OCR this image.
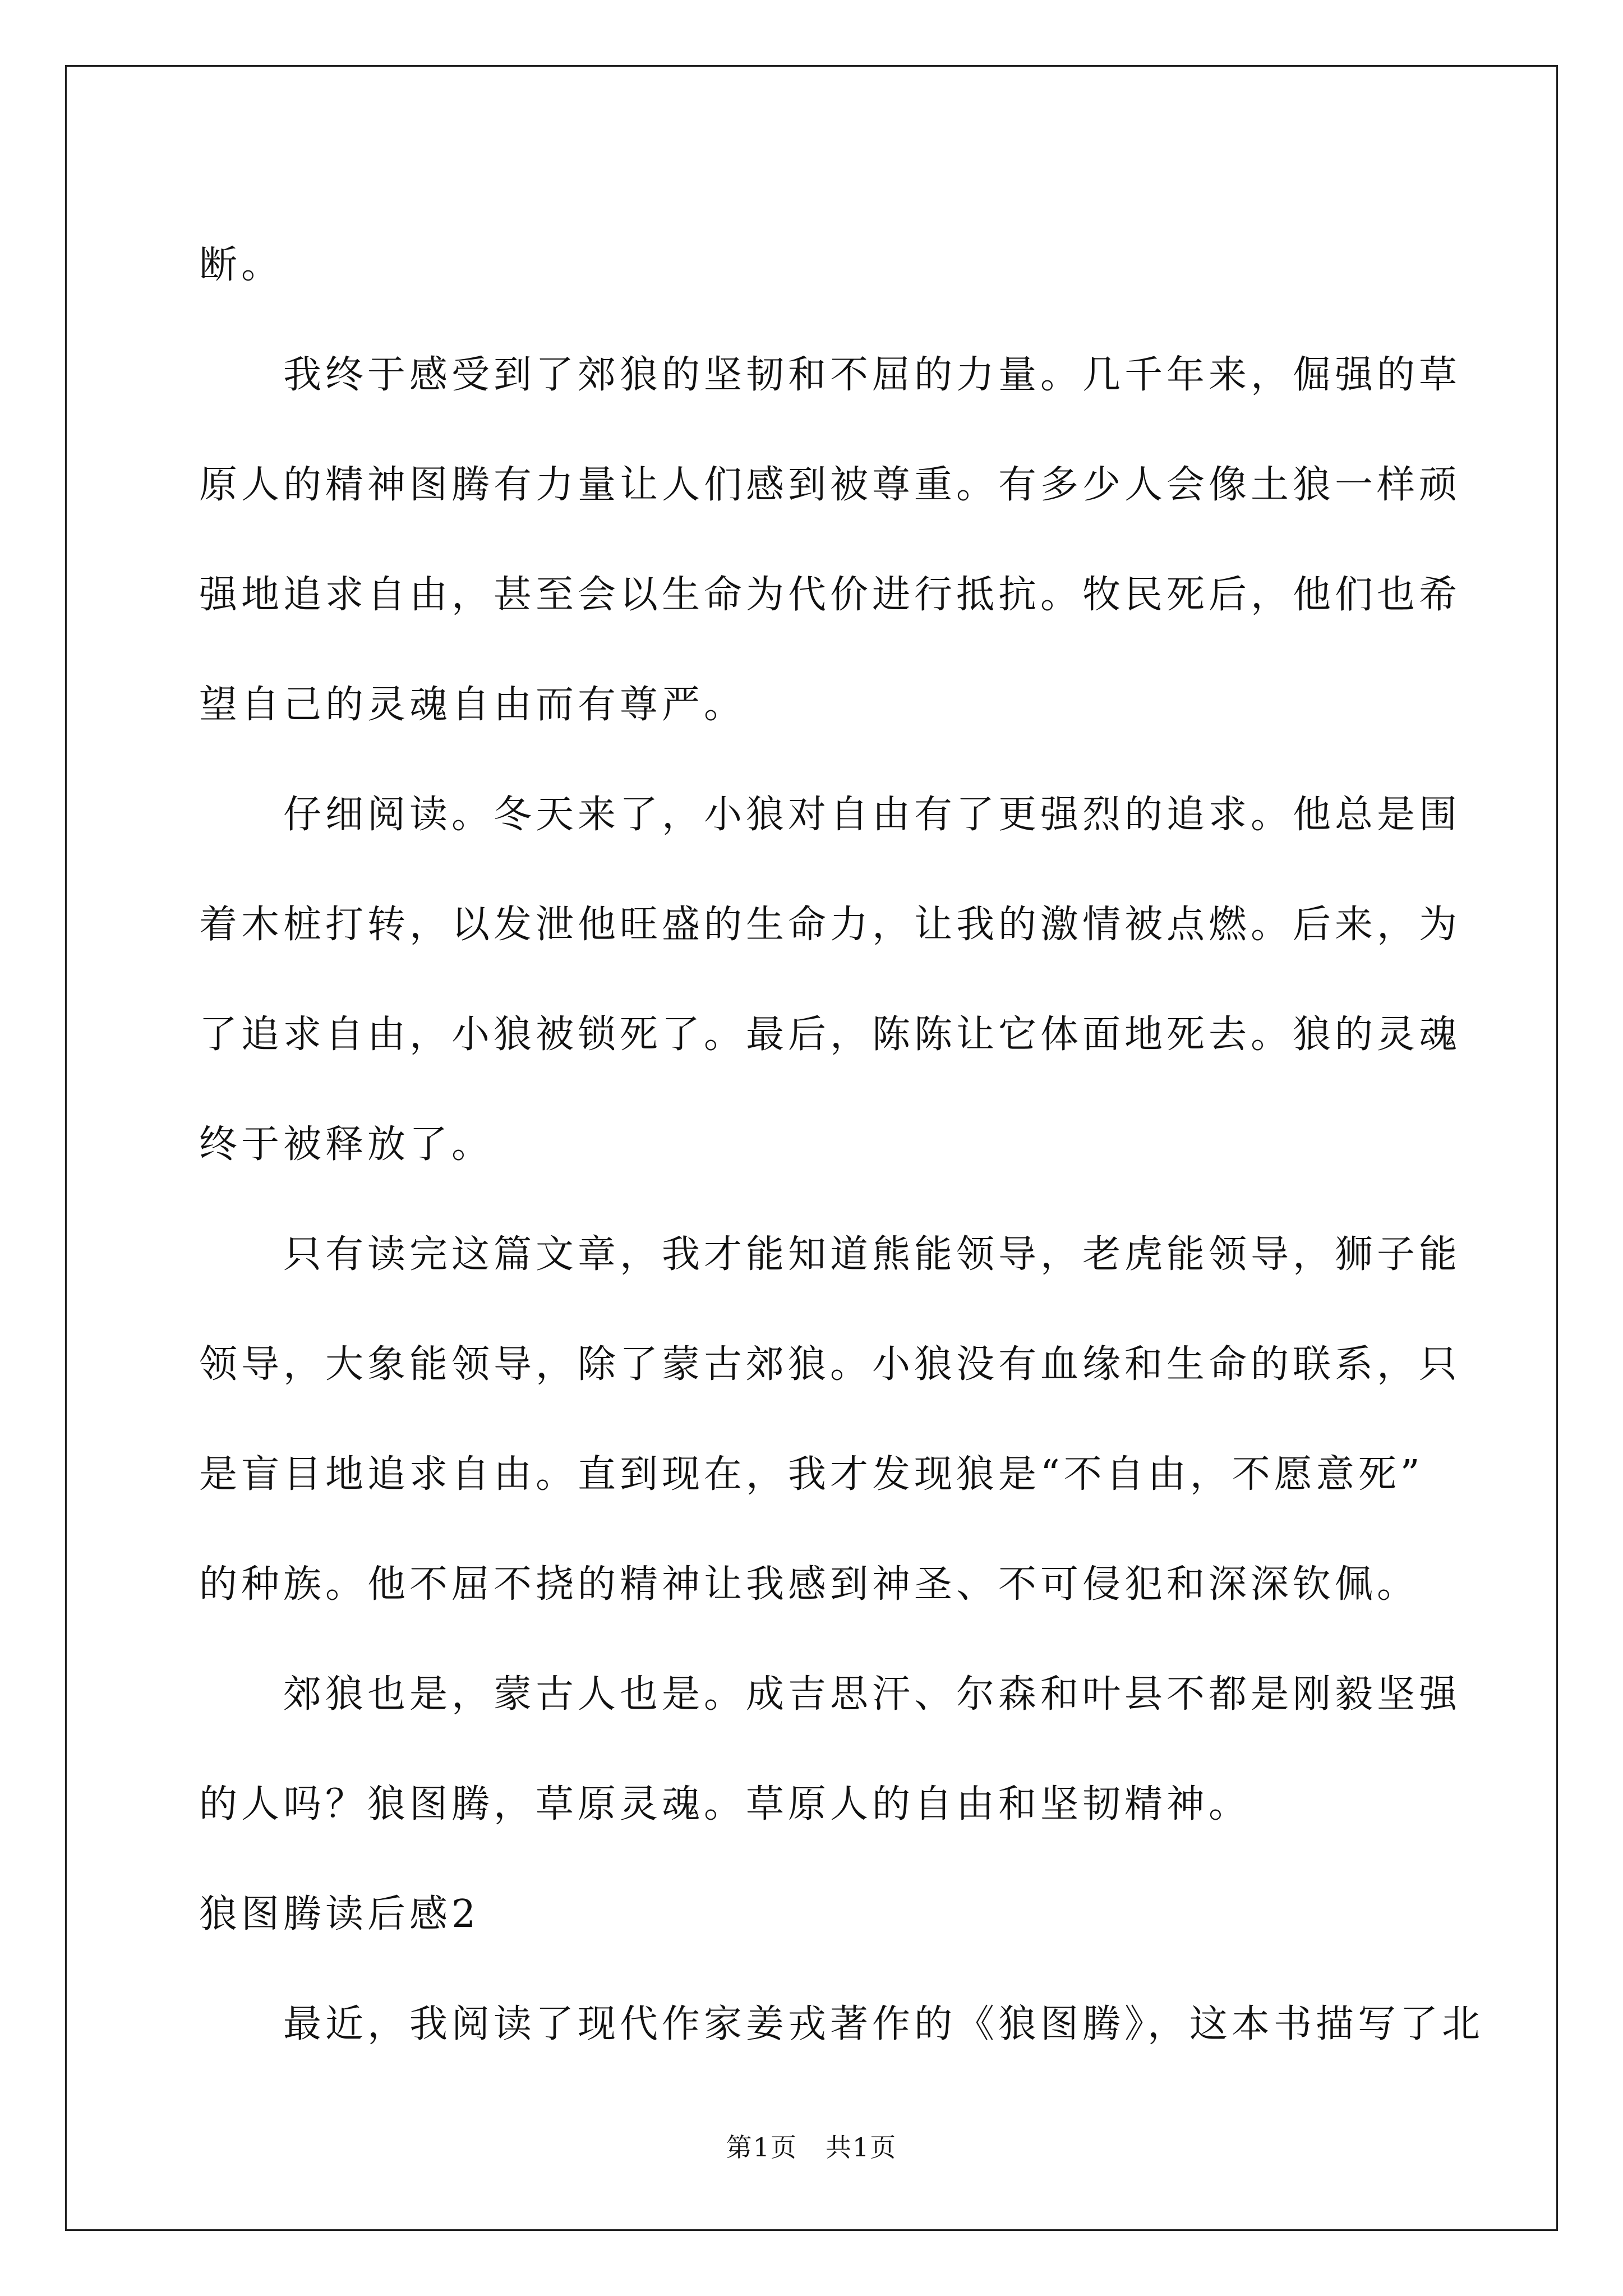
断。
我终于感受到了郊狼的坚韧和不屈的力量。几千年来，倔强的草
原人的精神图腾有力量让人们感到被尊重。有多少人会像土狼一样顽
强地追求自由，甚至会以生命为代价进行抵抗。牧民死后，他们也希
望自己的灵魂自由而有尊严。
仔细阅读。冬天来了，小狼对自由有了更强烈的追求。他总是围
着木桩打转，以发泄他旺盛的生命力，让我的激情被点燃。后来，为
了追求自由，小狼被锁死了。最后，陈陈让它体面地死去。狼的灵魂
终于被释放了。
只有读完这篇文章，我才能知道熊能领导，老虎能领导，狮子能
领导，大象能领导，除了蒙古郊狼。小狼没有血缘和生命的联系，只
是盲目地追求自由。直到现在，我才发现狼是“不自由，不愿意死”
的种族。他不屈不挠的精神让我感到神圣、不可侵犯和深深钦佩。
郊狼也是，蒙古人也是。成吉思汗、尔森和叶县不都是刚毅坚强
的人吗？狼图腾，草原灵魂。草原人的自由和坚韧精神。
狼图腾读后感2
最近，我阅读了现代作家姜戎著作的《狼图腾》，这本书描写了北
第1页 共1页
